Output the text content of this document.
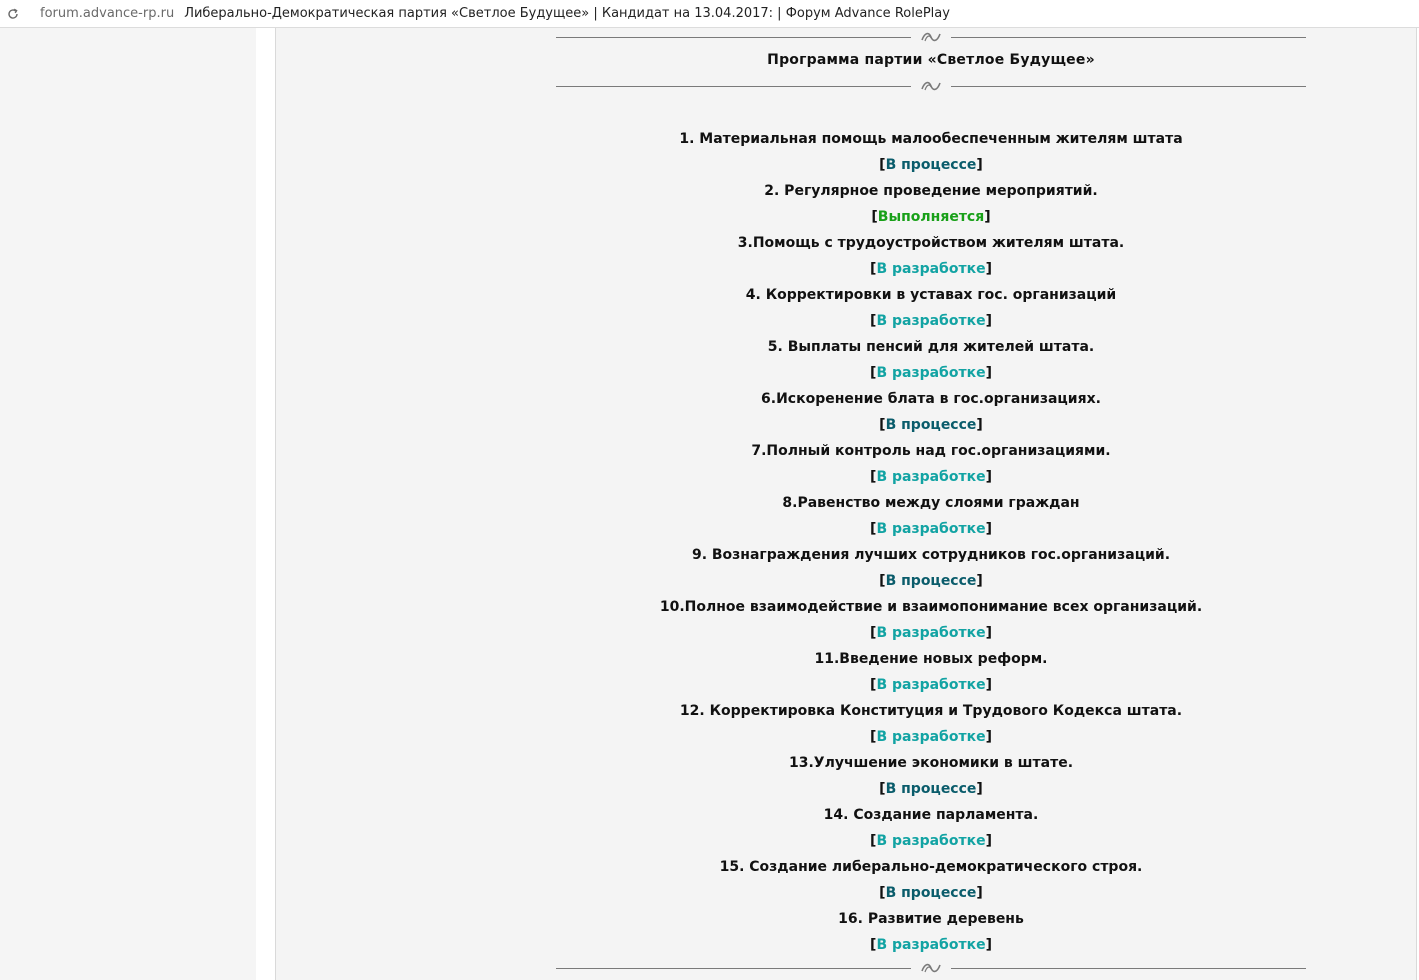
forum.advance-rp.ru Либерально-Демократическая партия «Светлое Будущее» | Кандидат на 13.04.2017: | Форум Advance RolePlay
Программа партии «Светлое Будущее»
1. Материальная помощь малообеспеченным жителям штата
[В процессе]
2. Регулярное проведение мероприятий.
[Выполняется]
3.Помощь с трудоустройством жителям штата.
[В разработке]
4. Корректировки в уставах гос. организаций
[В разработке]
5. Выплаты пенсий для жителей штата.
[В разработке]
6.Искоренение блата в гос.организациях.
[В процессе]
7.Полный контроль над гос.организациями.
[В разработке]
8.Равенство между слоями граждан
[В разработке]
9. Вознаграждения лучших сотрудников гос.организаций.
[В процессе]
10.Полное взаимодействие и взаимопонимание всех организаций.
[В разработке]
11.Введение новых реформ.
[В разработке]
12. Корректировка Конституция и Трудового Кодекса штата.
[В разработке]
13.Улучшение экономики в штате.
[В процессе]
14. Создание парламента.
[В разработке]
15. Создание либерально-демократического строя.
[В процессе]
16. Развитие деревень
[В разработке]
